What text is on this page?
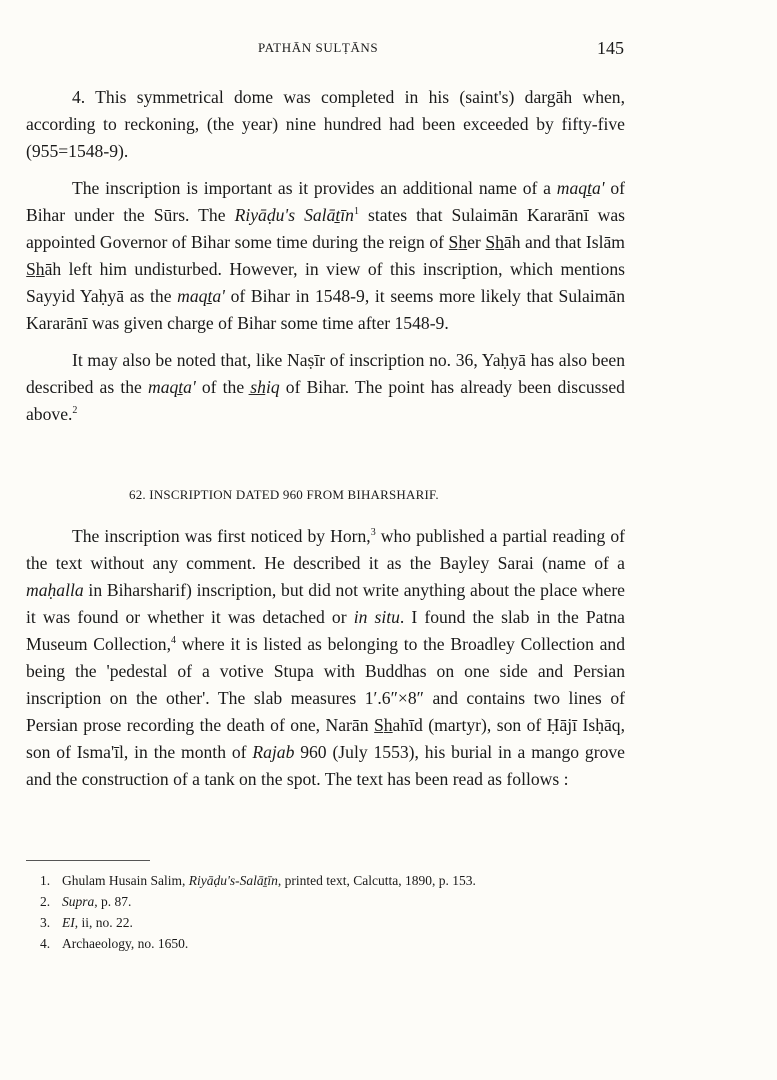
PATHĀN SULṬĀNS	145

4. This symmetrical dome was completed in his (saint's) dargāh when, according to reckoning, (the year) nine hundred had been exceeded by fifty-five (955=1548-9).

The inscription is important as it provides an additional name of a maqṯa' of Bihar under the Sūrs. The Riyāḍu's Salāṯīn$^1$ states that Sulaimān Kararānī was appointed Governor of Bihar some time during the reign of S̲h̲er S̲h̲āh and that Islām S̲h̲āh left him undisturbed. However, in view of this inscription, which mentions Sayyid Yaḥyā as the maqṯa' of Bihar in 1548-9, it seems more likely that Sulaimān Kararānī was given charge of Bihar some time after 1548-9.

It may also be noted that, like Naṣīr of inscription no. 36, Yaḥyā has also been described as the maqṯa' of the s̲h̲iq of Bihar. The point has already been discussed above.$^2$

62. INSCRIPTION DATED 960 FROM BIHARSHARIF.

The inscription was first noticed by Horn,$^3$ who published a partial reading of the text without any comment. He described it as the Bayley Sarai (name of a maḥalla in Biharsharif) inscription, but did not write anything about the place where it was found or whether it was detached or in situ. I found the slab in the Patna Museum Collection,$^4$ where it is listed as belonging to the Broadley Collection and being the 'pedestal of a votive Stupa with Buddhas on one side and Persian inscription on the other'. The slab measures 1′.6″×8″ and contains two lines of Persian prose recording the death of one, Narān S̲h̲ahīd (martyr), son of Ḥājī Isḥāq, son of Isma'īl, in the month of Rajab 960 (July 1553), his burial in a mango grove and the construction of a tank on the spot. The text has been read as follows :

1. Ghulam Husain Salim, Riyāḍu's-Salāṯīn, printed text, Calcutta, 1890, p. 153.
2. Supra, p. 87.
3. EI, ii, no. 22.
4. Archaeology, no. 1650.
